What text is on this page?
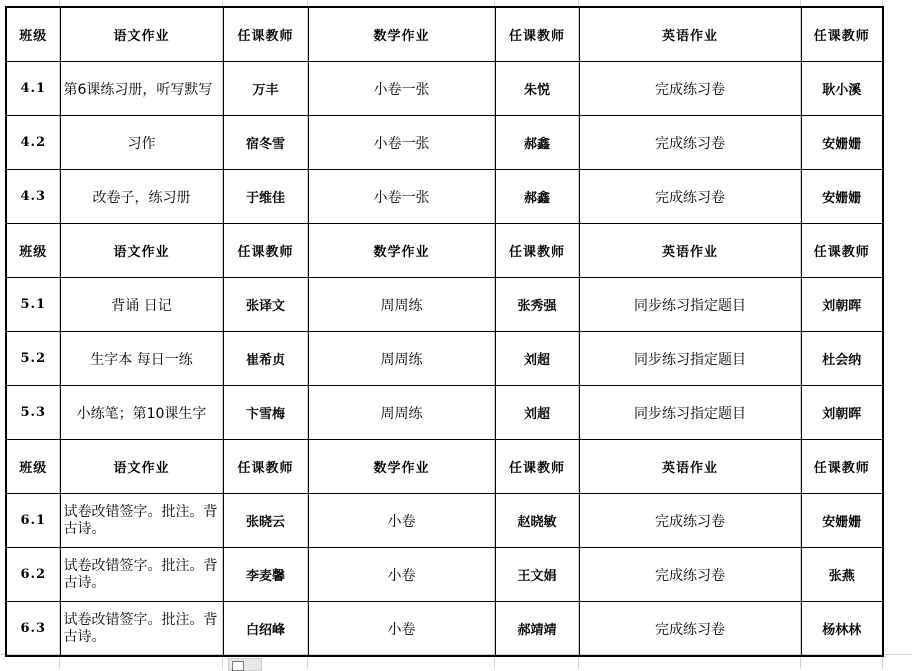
班级	语文作业	任课教师	数学作业	任课教师	英语作业	任课教师
4.1	第6课练习册，听写默写	万丰	小卷一张	朱悦	完成练习卷	耿小溪
4.2	习作	宿冬雪	小卷一张	郝鑫	完成练习卷	安姗姗
4.3	改卷子，练习册	于维佳	小卷一张	郝鑫	完成练习卷	安姗姗
班级	语文作业	任课教师	数学作业	任课教师	英语作业	任课教师
5.1	背诵 日记	张译文	周周练	张秀强	同步练习指定题目	刘朝晖
5.2	生字本 每日一练	崔希贞	周周练	刘超	同步练习指定题目	杜会纳
5.3	小练笔；第10课生字	卞雪梅	周周练	刘超	同步练习指定题目	刘朝晖
班级	语文作业	任课教师	数学作业	任课教师	英语作业	任课教师
6.1	试卷改错签字。批注。背古诗。	张晓云	小卷	赵晓敏	完成练习卷	安姗姗
6.2	试卷改错签字。批注。背古诗。	李麦馨	小卷	王文娟	完成练习卷	张燕
6.3	试卷改错签字。批注。背古诗。	白绍峰	小卷	郝靖靖	完成练习卷	杨林林
